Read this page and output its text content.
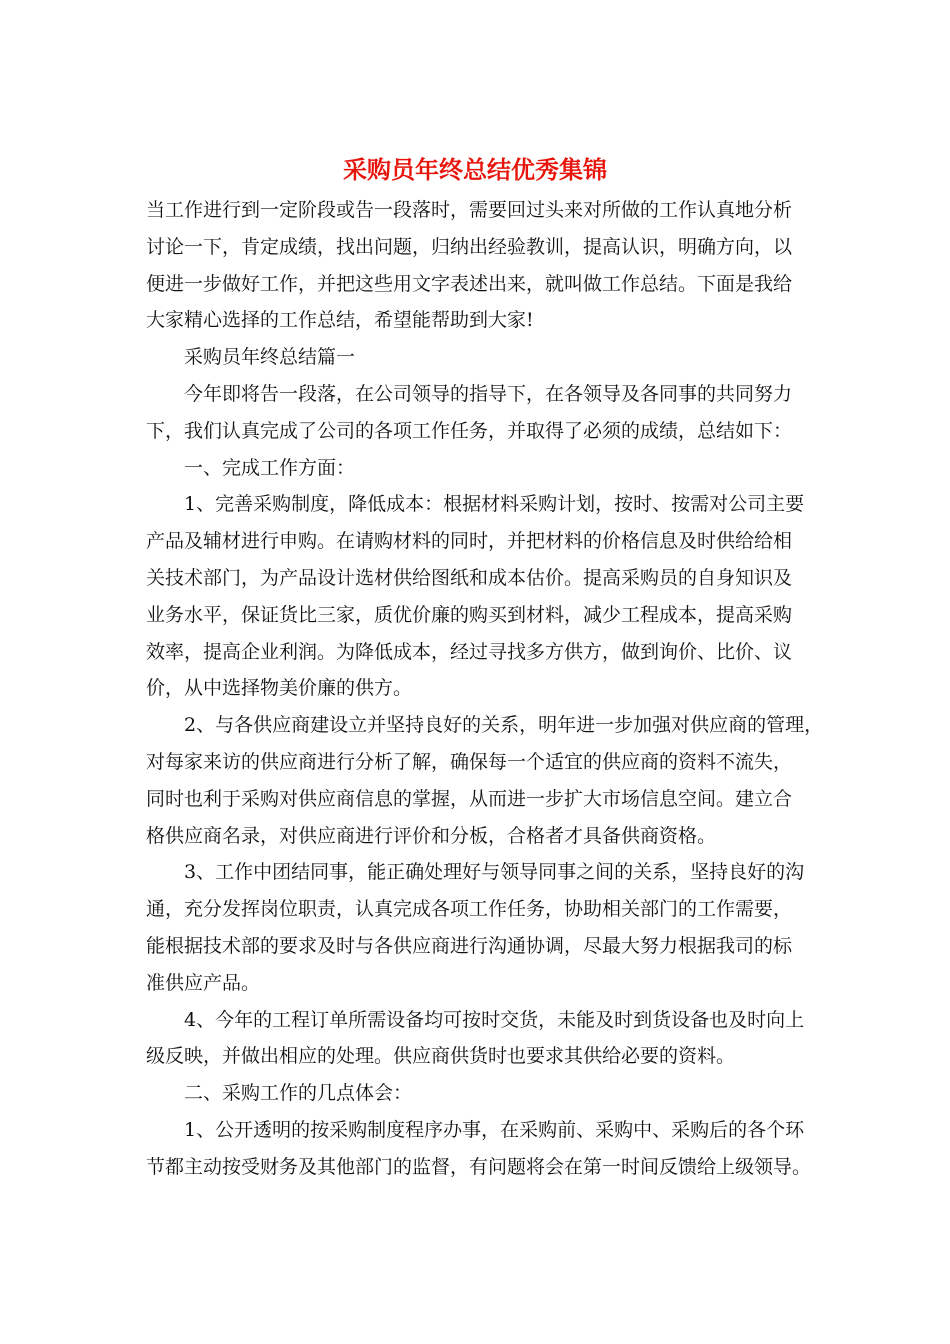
采购员年终总结优秀集锦
当工作进行到一定阶段或告一段落时，需要回过头来对所做的工作认真地分析
讨论一下，肯定成绩，找出问题，归纳出经验教训，提高认识，明确方向，以
便进一步做好工作，并把这些用文字表述出来，就叫做工作总结。下面是我给
大家精心选择的工作总结，希望能帮助到大家!
采购员年终总结篇一
今年即将告一段落，在公司领导的指导下，在各领导及各同事的共同努力
下，我们认真完成了公司的各项工作任务，并取得了必须的成绩，总结如下：
一、完成工作方面：
1、完善采购制度，降低成本：根据材料采购计划，按时、按需对公司主要
产品及辅材进行申购。在请购材料的同时，并把材料的价格信息及时供给给相
关技术部门，为产品设计选材供给图纸和成本估价。提高采购员的自身知识及
业务水平，保证货比三家，质优价廉的购买到材料，减少工程成本，提高采购
效率，提高企业利润。为降低成本，经过寻找多方供方，做到询价、比价、议
价，从中选择物美价廉的供方。
2、与各供应商建设立并坚持良好的关系，明年进一步加强对供应商的管理，
对每家来访的供应商进行分析了解，确保每一个适宜的供应商的资料不流失，
同时也利于采购对供应商信息的掌握，从而进一步扩大市场信息空间。建立合
格供应商名录，对供应商进行评价和分板，合格者才具备供商资格。
3、工作中团结同事，能正确处理好与领导同事之间的关系，坚持良好的沟
通，充分发挥岗位职责，认真完成各项工作任务，协助相关部门的工作需要，
能根据技术部的要求及时与各供应商进行沟通协调，尽最大努力根据我司的标
准供应产品。
4、今年的工程订单所需设备均可按时交货，未能及时到货设备也及时向上
级反映，并做出相应的处理。供应商供货时也要求其供给必要的资料。
二、采购工作的几点体会：
1、公开透明的按采购制度程序办事，在采购前、采购中、采购后的各个环
节都主动按受财务及其他部门的监督，有问题将会在第一时间反馈给上级领导。
